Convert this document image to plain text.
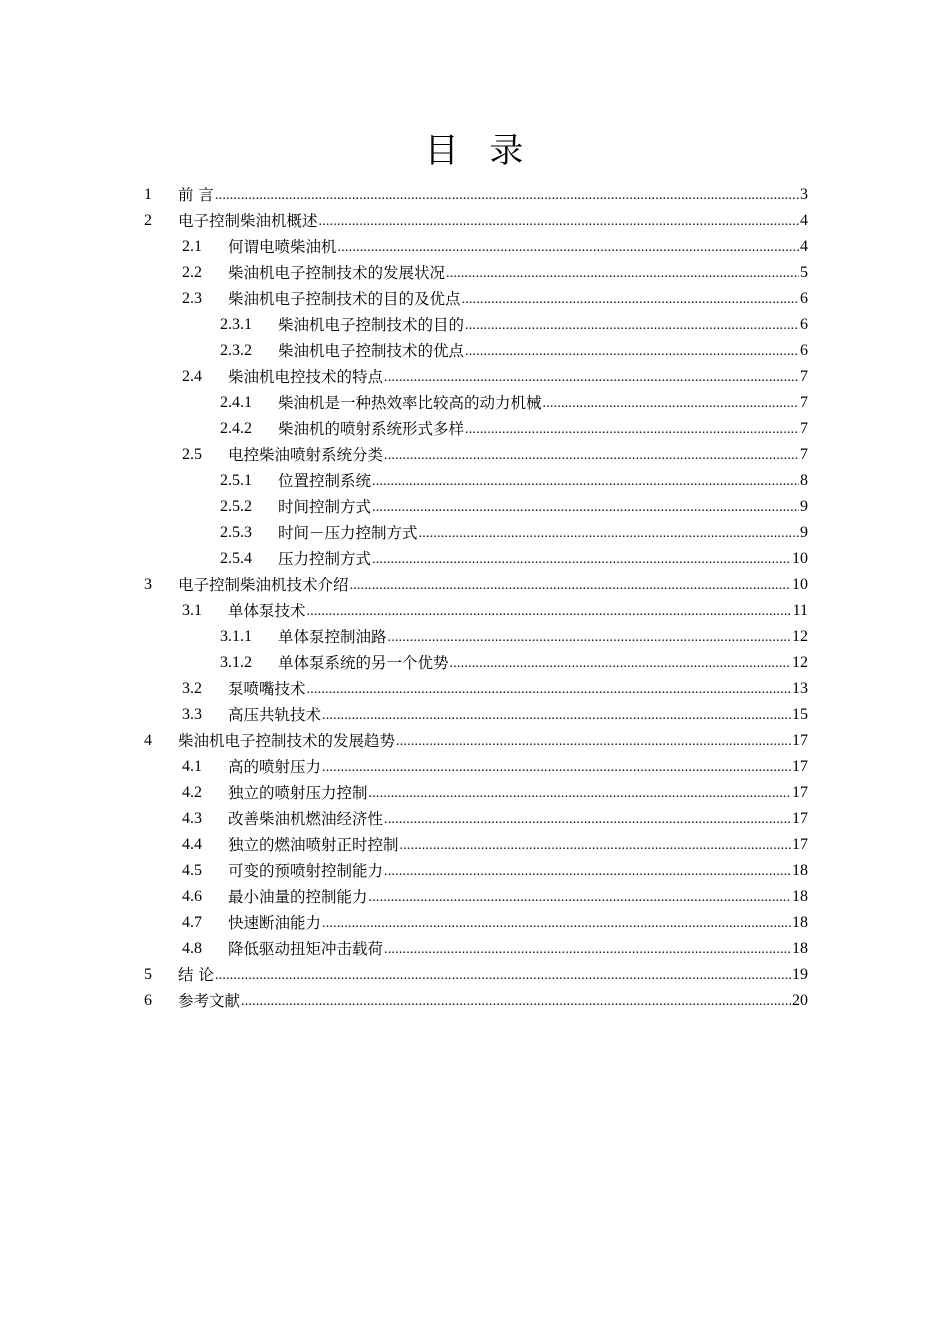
目 录
1	前 言 .....	3
2	电子控制柴油机概述 .....	4
2.1	何谓电喷柴油机 .....	4
2.2	柴油机电子控制技术的发展状况 .....	5
2.3	柴油机电子控制技术的目的及优点 .....	6
2.3.1	柴油机电子控制技术的目的 .....	6
2.3.2	柴油机电子控制技术的优点 .....	6
2.4	柴油机电控技术的特点 .....	7
2.4.1	柴油机是一种热效率比较高的动力机械 .....	7
2.4.2	柴油机的喷射系统形式多样 .....	7
2.5	电控柴油喷射系统分类 .....	7
2.5.1	位置控制系统 .....	8
2.5.2	时间控制方式 .....	9
2.5.3	时间－压力控制方式 .....	9
2.5.4	压力控制方式 .....	10
3	电子控制柴油机技术介绍 .....	10
3.1	单体泵技术 .....	11
3.1.1	单体泵控制油路 .....	12
3.1.2	单体泵系统的另一个优势 .....	12
3.2	泵喷嘴技术 .....	13
3.3	高压共轨技术 .....	15
4	柴油机电子控制技术的发展趋势 .....	17
4.1	高的喷射压力 .....	17
4.2	独立的喷射压力控制 .....	17
4.3	改善柴油机燃油经济性 .....	17
4.4	独立的燃油喷射正时控制 .....	17
4.5	可变的预喷射控制能力 .....	18
4.6	最小油量的控制能力 .....	18
4.7	快速断油能力 .....	18
4.8	降低驱动扭矩冲击载荷 .....	18
5	结 论 .....	19
6	参考文献 .....	20
